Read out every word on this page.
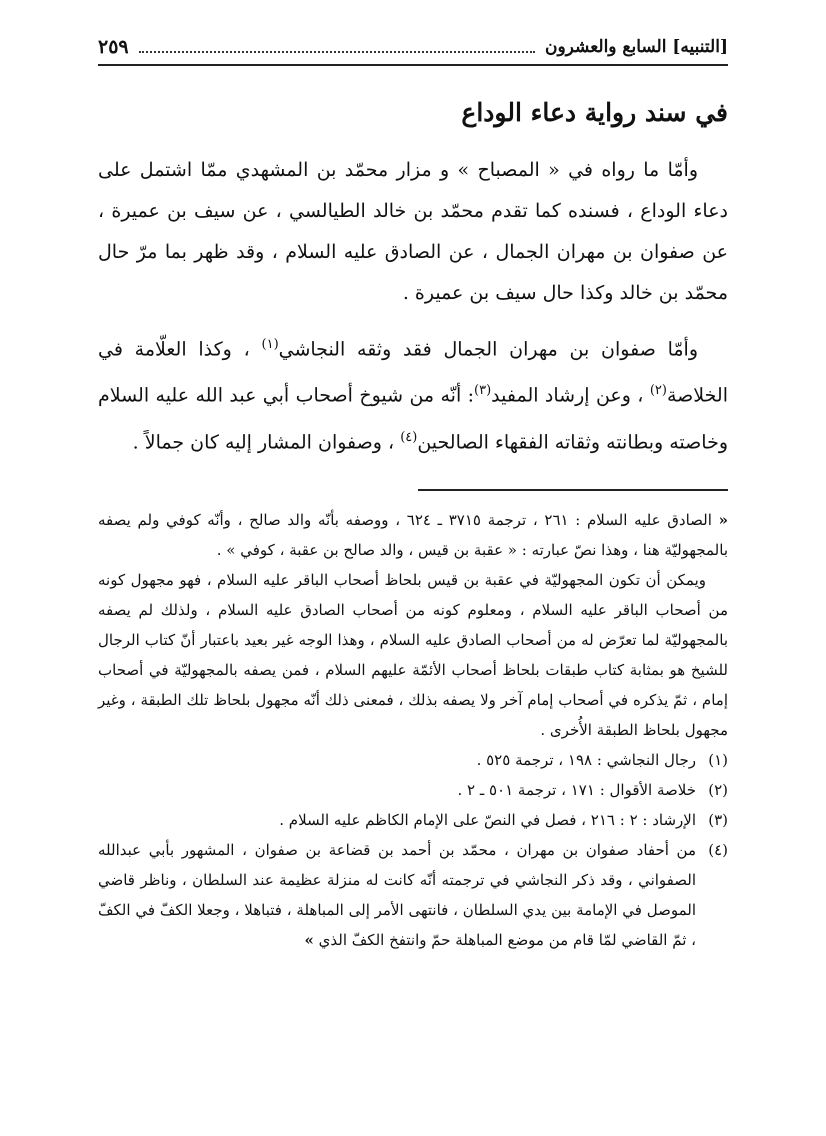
[التنبيه] السابع والعشرون
٢٥٩
في سند رواية دعاء الوداع

وأمّا ما رواه في « المصباح » و مزار محمّد بن المشهدي ممّا اشتمل على دعاء الوداع ، فسنده كما تقدم محمّد بن خالد الطيالسي ، عن سيف بن عميرة ، عن صفوان بن مهران الجمال ، عن الصادق عليه السلام ، وقد ظهر بما مرّ حال محمّد بن خالد وكذا حال سيف بن عميرة .

وأمّا صفوان بن مهران الجمال فقد وثقه النجاشي$^{(١)}$ ، وكذا العلّامة في الخلاصة$^{(٢)}$ ، وعن إرشاد المفيد$^{(٣)}$: أنّه من شيوخ أصحاب أبي عبد الله عليه السلام وخاصته وبطانته وثقاته الفقهاء الصالحين$^{(٤)}$ ، وصفوان المشار إليه كان جمالاً .

« الصادق عليه السلام : ٢٦١ ، ترجمة ٣٧١٥ ـ ٦٢٤ ، ووصفه بأنّه والد صالح ، وأنّه كوفي ولم يصفه بالمجهوليّة هنا ، وهذا نصّ عبارته : « عقبة بن قيس ، والد صالح بن عقبة ، كوفي » .

ويمكن أن تكون المجهوليّة في عقبة بن قيس بلحاظ أصحاب الباقر عليه السلام ، فهو مجهول كونه من أصحاب الباقر عليه السلام ، ومعلوم كونه من أصحاب الصادق عليه السلام ، ولذلك لم يصفه بالمجهوليّة لما تعرّض له من أصحاب الصادق عليه السلام ، وهذا الوجه غير بعيد باعتبار أنّ كتاب الرجال للشيخ هو بمثابة كتاب طبقات بلحاظ أصحاب الأئمّة عليهم السلام ، فمن يصفه بالمجهوليّة في أصحاب إمام ، ثمّ يذكره في أصحاب إمام آخر ولا يصفه بذلك ، فمعنى ذلك أنّه مجهول بلحاظ تلك الطبقة ، وغير مجهول بلحاظ الطبقة الأُخرى .

(١)
رجال النجاشي : ١٩٨ ، ترجمة ٥٢٥ .
(٢)
خلاصة الأقوال : ١٧١ ، ترجمة ٥٠١ ـ ٢ .
(٣)
الإرشاد : ٢ : ٢١٦ ، فصل في النصّ على الإمام الكاظم عليه السلام .
(٤)
من أحفاد صفوان بن مهران ، محمّد بن أحمد بن قضاعة بن صفوان ، المشهور بأبي عبدالله الصفواني ، وقد ذكر النجاشي في ترجمته أنّه كانت له منزلة عظيمة عند السلطان ، وناظر قاضي الموصل في الإمامة بين يدي السلطان ، فانتهى الأمر إلى المباهلة ، فتباهلا ، وجعلا الكفّ في الكفّ ، ثمّ القاضي لمّا قام من موضع المباهلة حمّ وانتفخ الكفّ الذي »
